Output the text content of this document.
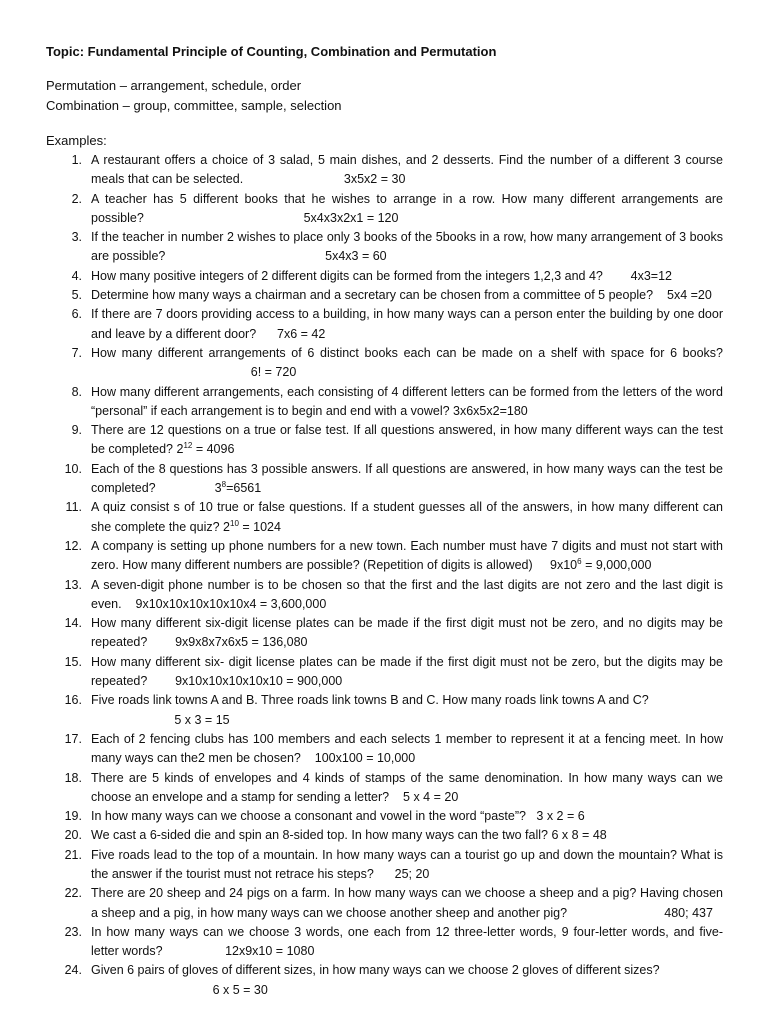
Topic: Fundamental Principle of Counting, Combination and Permutation
Permutation – arrangement, schedule, order
Combination – group, committee, sample, selection
Examples:
1. A restaurant offers a choice of 3 salad, 5 main dishes, and 2 desserts. Find the number of a different 3 course meals that can be selected.	3x5x2 = 30
2. A teacher has 5 different books that he wishes to arrange in a row. How many different arrangements are possible?	5x4x3x2x1 = 120
3. If the teacher in number 2 wishes to place only 3 books of the 5books in a row, how many arrangement of 3 books are possible?	5x4x3 = 60
4. How many positive integers of 2 different digits can be formed from the integers 1,2,3 and 4? 4x3=12
5. Determine how many ways a chairman and a secretary can be chosen from a committee of 5 people? 5x4 =20
6. If there are 7 doors providing access to a building, in how many ways can a person enter the building by one door and leave by a different door? 7x6 = 42
7. How many different arrangements of 6 distinct books each can be made on a shelf with space for 6 books?                                              6! = 720
8. How many different arrangements, each consisting of 4 different letters can be formed from the letters of the word “personal” if each arrangement is to begin and end with a vowel? 3x6x5x2=180
9. There are 12 questions on a true or false test. If all questions answered, in how many different ways can the test be completed? $2^{12} = 4096$
10. Each of the 8 questions has 3 possible answers. If all questions are answered, in how many ways can the test be completed?	$3^8=6561$
11. A quiz consist s of 10 true or false questions. If a student guesses all of the answers, in how many different can she complete the quiz? $2^{10} = 1024$
12. A company is setting up phone numbers for a new town. Each number must have 7 digits and must not start with zero. How many different numbers are possible? (Repetition of digits is allowed) $9x10^6 = 9,000,000$
13. A seven-digit phone number is to be chosen so that the first and the last digits are not zero and the last digit is even. 9x10x10x10x10x10x4 = 3,600,000
14. How many different six-digit license plates can be made if the first digit must not be zero, and no digits may be repeated? 9x9x8x7x6x5 = 136,080
15. How many different six- digit license plates can be made if the first digit must not be zero, but the digits may be repeated? 9x10x10x10x10x10 = 900,000
16. Five roads link towns A and B. Three roads link towns B and C. How many roads link towns A and C?
5 x 3 = 15
17. Each of 2 fencing clubs has 100 members and each selects 1 member to represent it at a fencing meet. In how many ways can the2 men be chosen? 100x100 = 10,000
18. There are 5 kinds of envelopes and 4 kinds of stamps of the same denomination. In how many ways can we choose an envelope and a stamp for sending a letter? 5 x 4 = 20
19. In how many ways can we choose a consonant and vowel in the word “paste”? 3 x 2 = 6
20. We cast a 6-sided die and spin an 8-sided top. In how many ways can the two fall? 6 x 8 = 48
21. Five roads lead to the top of a mountain. In how many ways can a tourist go up and down the mountain? What is the answer if the tourist must not retrace his steps? 25; 20
22. There are 20 sheep and 24 pigs on a farm. In how many ways can we choose a sheep and a pig? Having chosen a sheep and a pig, in how many ways can we choose another sheep and another pig?	480; 437
23. In how many ways can we choose 3 words, one each from 12 three-letter words, 9 four-letter words, and five-letter words?	12x9x10 = 1080
24. Given 6 pairs of gloves of different sizes, in how many ways can we choose 2 gloves of different sizes?
6 x 5 = 30
